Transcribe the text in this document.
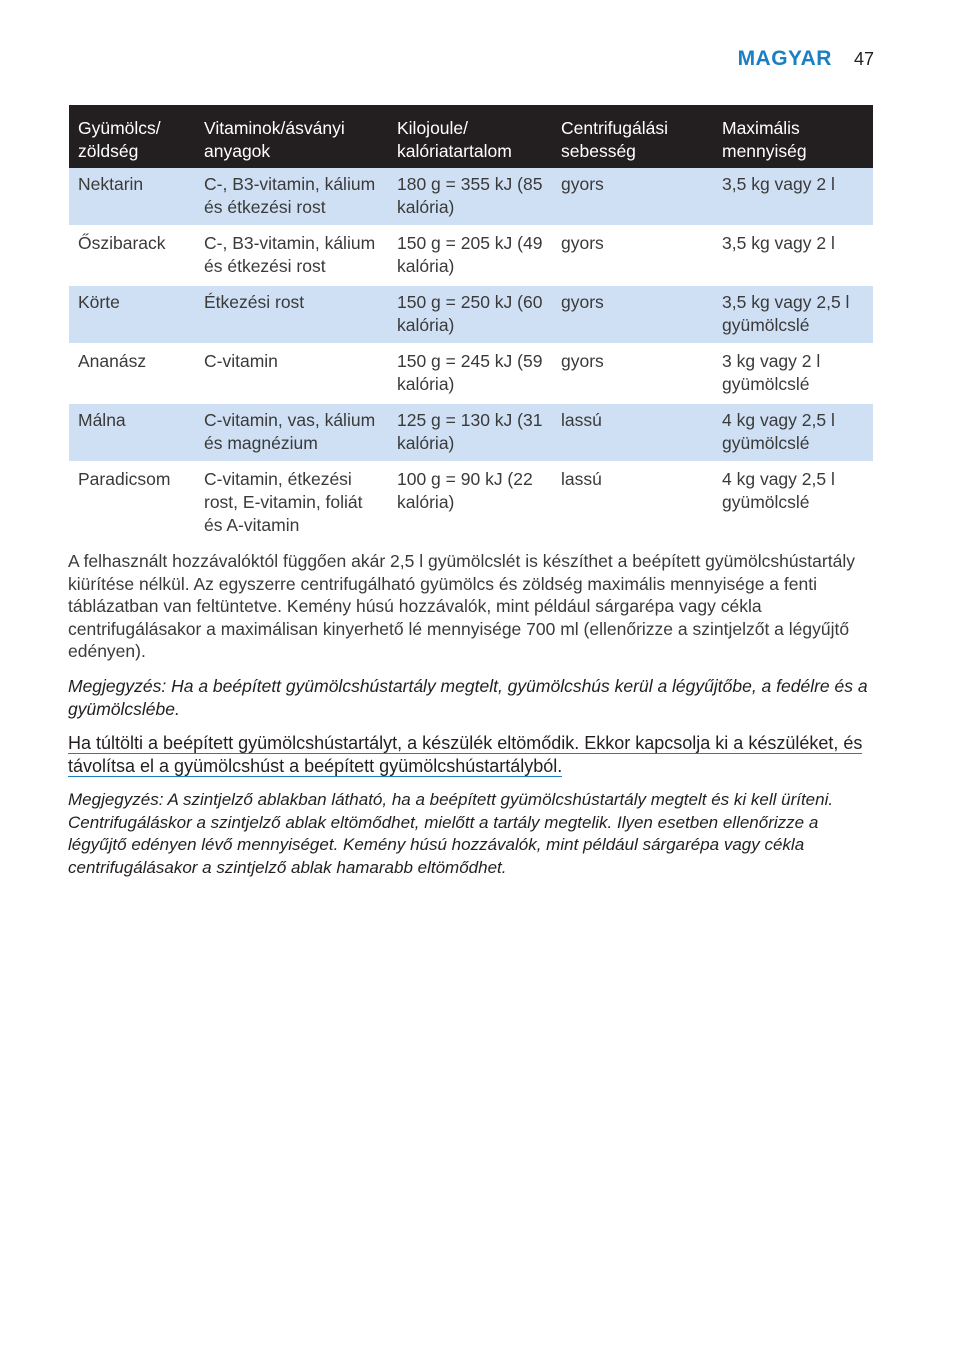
MAGYAR 47
Gyümölcs/ zöldség	Vitaminok/ásványi anyagok	Kilojoule/ kalóriatartalom	Centrifugálási sebesség	Maximális mennyiség
Nektarin	C-, B3-vitamin, kálium és étkezési rost	180 g = 355 kJ (85 kalória)	gyors	3,5 kg vagy 2 l
Őszibarack	C-, B3-vitamin, kálium és étkezési rost	150 g = 205 kJ (49 kalória)	gyors	3,5 kg vagy 2 l
Körte	Étkezési rost	150 g = 250 kJ (60 kalória)	gyors	3,5 kg vagy 2,5 l gyümölcslé
Ananász	C-vitamin	150 g = 245 kJ (59 kalória)	gyors	3 kg vagy 2 l gyümölcslé
Málna	C-vitamin, vas, kálium és magnézium	125 g = 130 kJ (31 kalória)	lassú	4 kg vagy 2,5 l gyümölcslé
Paradicsom	C-vitamin, étkezési rost, E-vitamin, foliát és A-vitamin	100 g = 90 kJ (22 kalória)	lassú	4 kg vagy 2,5 l gyümölcslé

A felhasznált hozzávalóktól függően akár 2,5 l gyümölcslét is készíthet a beépített gyümölcshústartály kiürítése nélkül. Az egyszerre centrifugálható gyümölcs és zöldség maximális mennyisége a fenti táblázatban van feltüntetve. Kemény húsú hozzávalók, mint például sárgarépa vagy cékla centrifugálásakor a maximálisan kinyerhető lé mennyisége 700 ml (ellenőrizze a szintjelzőt a légyűjtő edényen).

Megjegyzés: Ha a beépített gyümölcshústartály megtelt, gyümölcshús kerül a légyűjtőbe, a fedélre és a gyümölcslébe.

Ha túltölti a beépített gyümölcshústartályt, a készülék eltömődik. Ekkor kapcsolja ki a készüléket, és távolítsa el a gyümölcshúst a beépített gyümölcshústartályból.

Megjegyzés: A szintjelző ablakban látható, ha a beépített gyümölcshústartály megtelt és ki kell üríteni. Centrifugáláskor a szintjelző ablak eltömődhet, mielőtt a tartály megtelik. Ilyen esetben ellenőrizze a légyűjtő edényen lévő mennyiséget. Kemény húsú hozzávalók, mint például sárgarépa vagy cékla centrifugálásakor a szintjelző ablak hamarabb eltömődhet.
